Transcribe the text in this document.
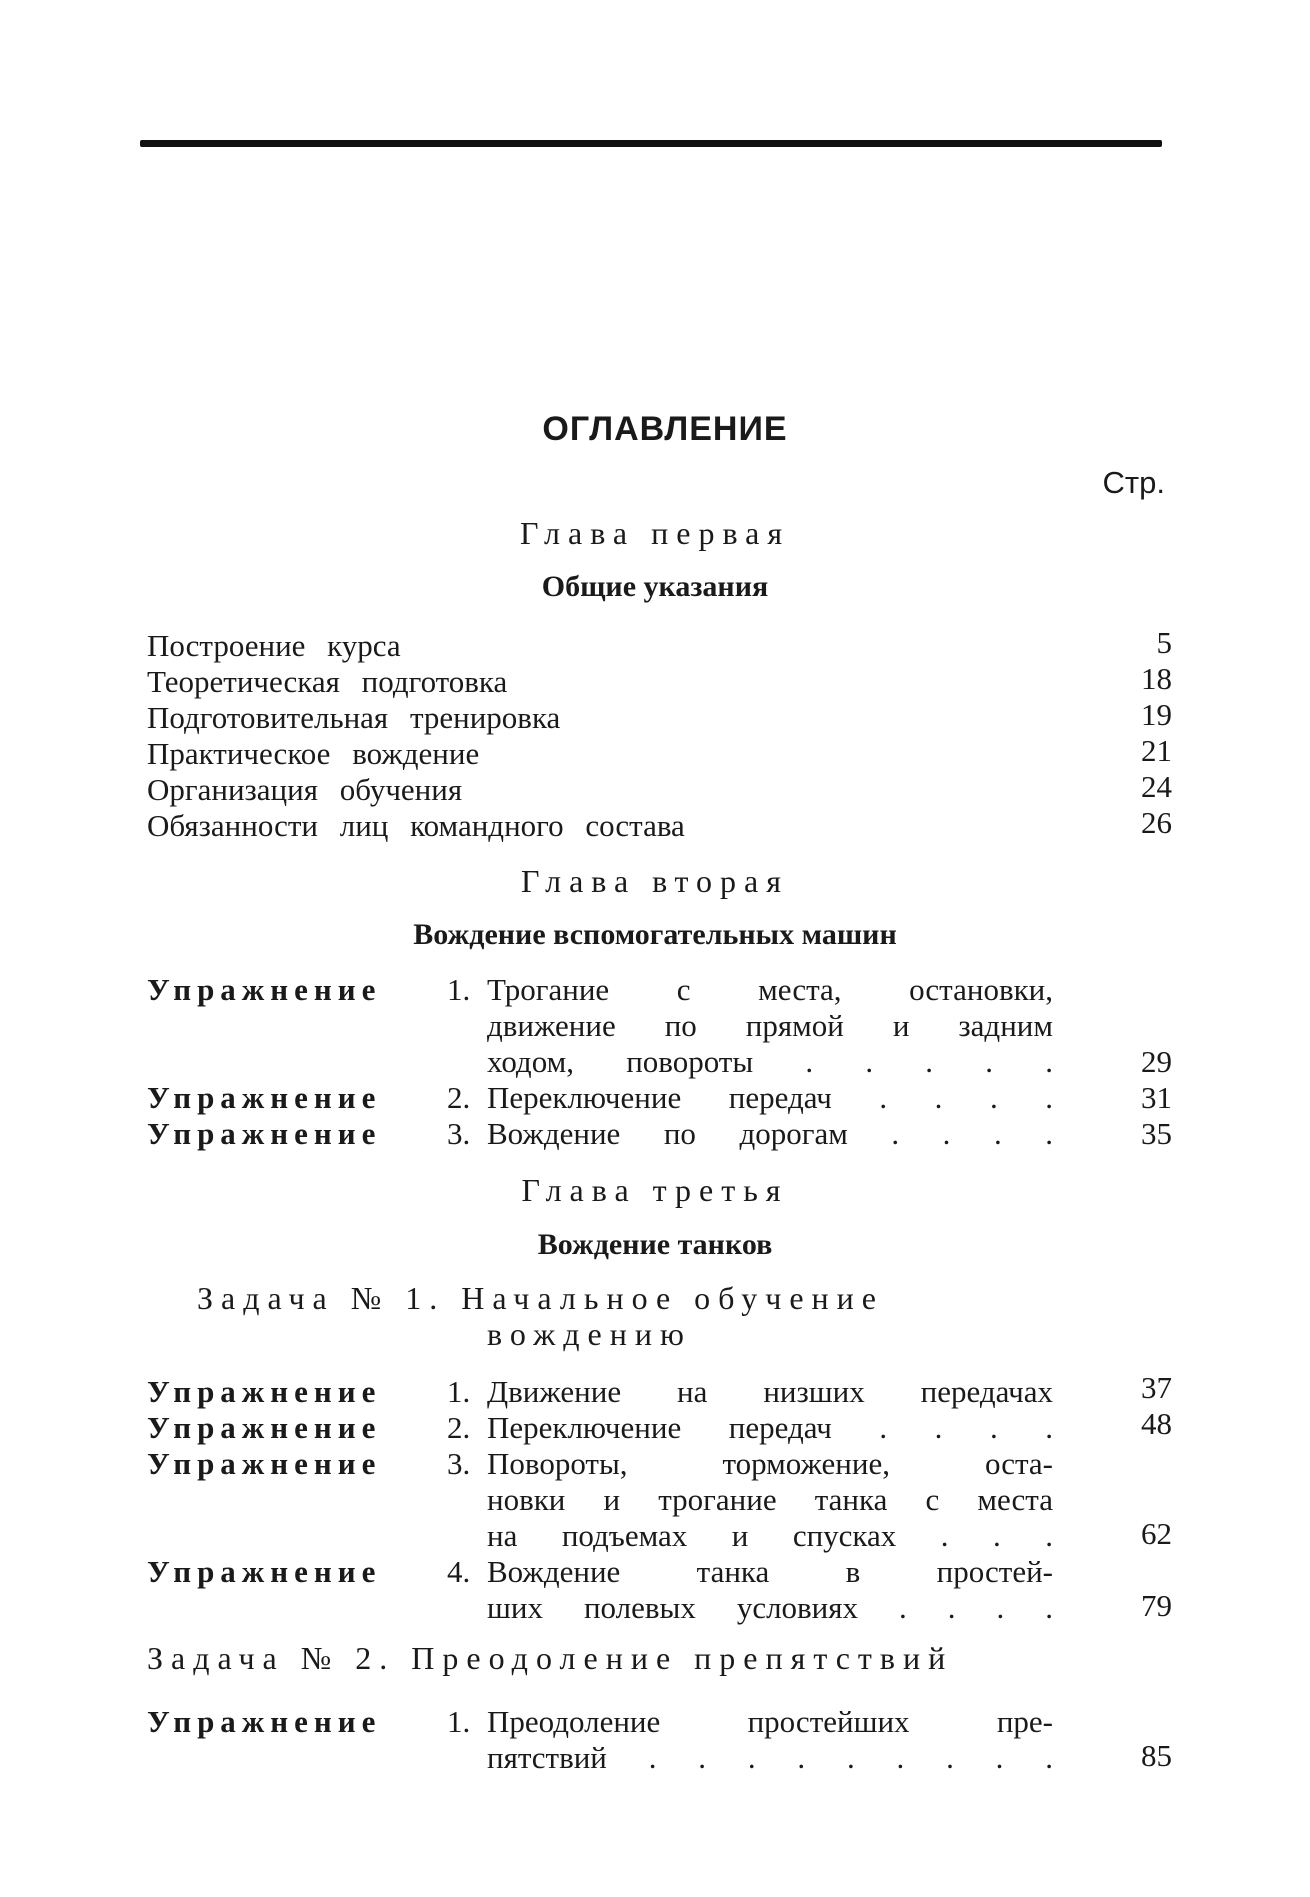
ОГЛАВЛЕНИЕ
Стр.
Глава первая
Общие указания
Построение курса . . .	5
Теоретическая подготовка . . .	18
Подготовительная тренировка . . .	19
Практическое вождение . . .	21
Организация обучения . . .	24
Обязанности лиц командного состава . . .	26
Глава вторая
Вождение вспомогательных машин
Упражнение 1. Трогание с места, остановки,
движение по прямой и задним
ходом, повороты . . . . .	29
Упражнение 2. Переключение передач . . . .	31
Упражнение 3. Вождение по дорогам . . . .	35
Глава третья
Вождение танков
Задача № 1. Начальное обучение
вождению
Упражнение 1. Движение на низших передачах	37
Упражнение 2. Переключение передач . . . .	48
Упражнение 3. Повороты, торможение, оста-
новки и трогание танка с места
на подъемах и спусках . . .	62
Упражнение 4. Вождение танка в простей-
ших полевых условиях . . . .	79
Задача № 2. Преодоление препятствий
Упражнение 1. Преодоление простейших пре-
пятствий . . . . . . . . .	85
